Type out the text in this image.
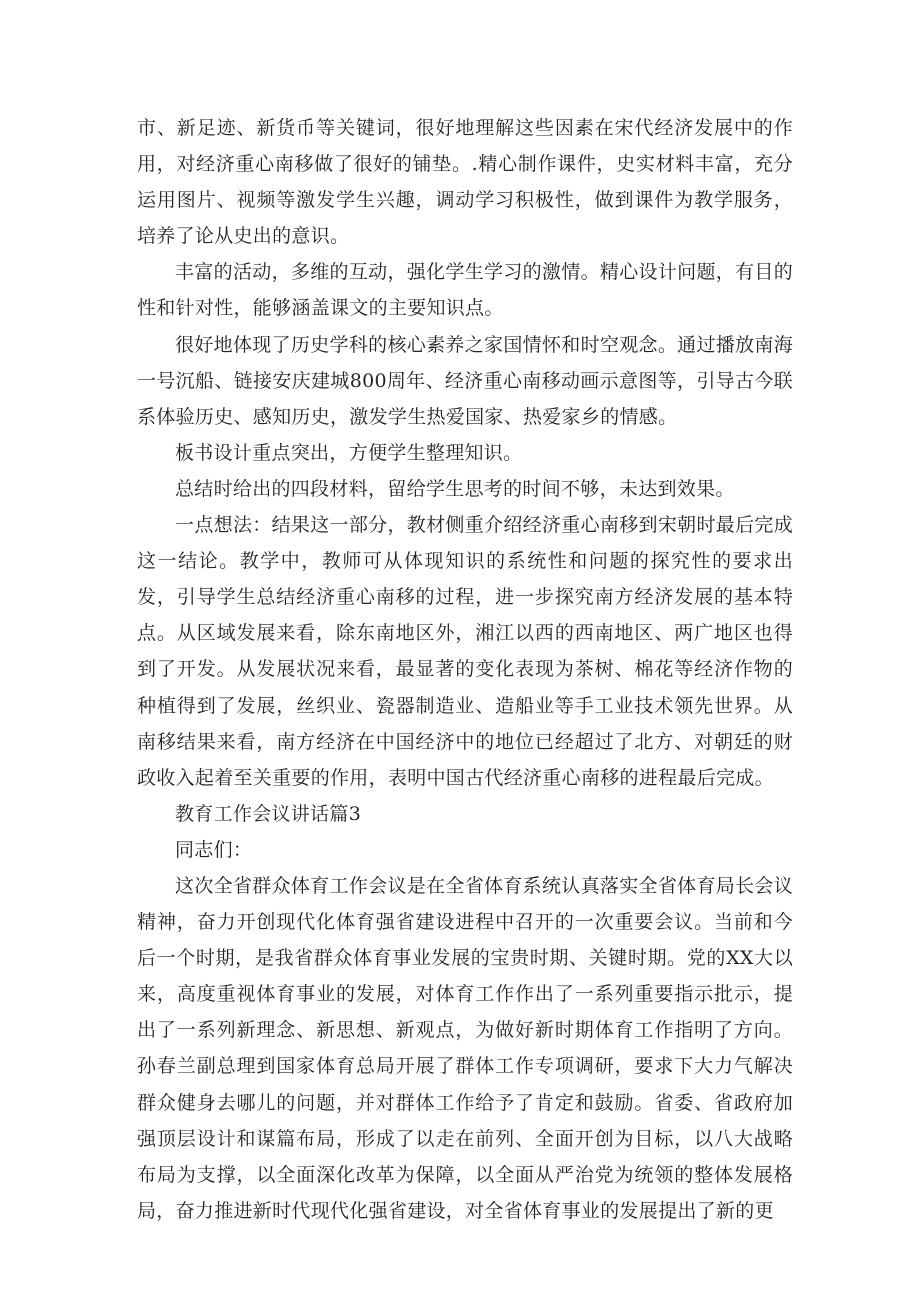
市、新足迹、新货币等关键词，很好地理解这些因素在宋代经济发展中的作用，对经济重心南移做了很好的铺垫。.精心制作课件，史实材料丰富，充分运用图片、视频等激发学生兴趣，调动学习积极性，做到课件为教学服务，培养了论从史出的意识。

丰富的活动，多维的互动，强化学生学习的激情。精心设计问题，有目的性和针对性，能够涵盖课文的主要知识点。

很好地体现了历史学科的核心素养之家国情怀和时空观念。通过播放南海一号沉船、链接安庆建城800周年、经济重心南移动画示意图等，引导古今联系体验历史、感知历史，激发学生热爱国家、热爱家乡的情感。

板书设计重点突出，方便学生整理知识。

总结时给出的四段材料，留给学生思考的时间不够，未达到效果。

一点想法：结果这一部分，教材侧重介绍经济重心南移到宋朝时最后完成这一结论。教学中，教师可从体现知识的系统性和问题的探究性的要求出发，引导学生总结经济重心南移的过程，进一步探究南方经济发展的基本特点。从区域发展来看，除东南地区外，湘江以西的西南地区、两广地区也得到了开发。从发展状况来看，最显著的变化表现为茶树、棉花等经济作物的种植得到了发展，丝织业、瓷器制造业、造船业等手工业技术领先世界。从南移结果来看，南方经济在中国经济中的地位已经超过了北方、对朝廷的财政收入起着至关重要的作用，表明中国古代经济重心南移的进程最后完成。

教育工作会议讲话篇3

同志们：

这次全省群众体育工作会议是在全省体育系统认真落实全省体育局长会议精神，奋力开创现代化体育强省建设进程中召开的一次重要会议。当前和今后一个时期，是我省群众体育事业发展的宝贵时期、关键时期。党的XX大以来，高度重视体育事业的发展，对体育工作作出了一系列重要指示批示，提出了一系列新理念、新思想、新观点，为做好新时期体育工作指明了方向。孙春兰副总理到国家体育总局开展了群体工作专项调研，要求下大力气解决群众健身去哪儿的问题，并对群体工作给予了肯定和鼓励。省委、省政府加强顶层设计和谋篇布局，形成了以走在前列、全面开创为目标，以八大战略布局为支撑，以全面深化改革为保障，以全面从严治党为统领的整体发展格局，奋力推进新时代现代化强省建设，对全省体育事业的发展提出了新的更
